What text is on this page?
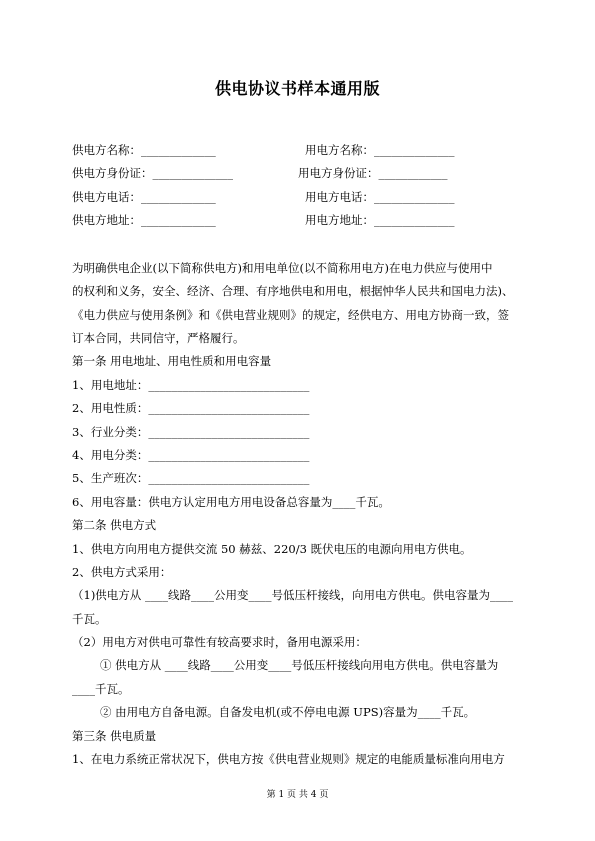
供电协议书样本通用版
供电方名称：_____________
供电方身份证：______________
供电方电话：_____________
供电方地址：_____________
用电方名称：______________
用电方身份证：____________
用电方电话：______________
用电方地址：______________
为明确供电企业(以下简称供电方)和用电单位(以不简称用电方)在电力供应与使用中
的权利和义务，安全、经济、合理、有序地供电和用电，根据忡华人民共和国电力法)、
《电力供应与使用条例》和《供电营业规则》的规定，经供电方、用电方协商一致，签
订本合同，共同信守，严格履行。
第一条 用电地址、用电性质和用电容量
1、用电地址：____________________________
2、用电性质：____________________________
3、行业分类：____________________________
4、用电分类：____________________________
5、生产班次：____________________________
6、用电容量：供电方认定用电方用电设备总容量为____千瓦。
第二条 供电方式
1、供电方向用电方提供交流 50 赫兹、220/3 既伏电压的电源向用电方供电。
2、供电方式采用：
（1)供电方从 ____线路____公用变____号低压杆接线，向用电方供电。供电容量为____
千瓦。
（2）用电方对供电可靠性有较高要求时，备用电源采用：
① 供电方从 ____线路____公用变____号低压杆接线向用电方供电。供电容量为
____千瓦。
② 由用电方自备电源。自备发电机(或不停电电源 UPS)容量为____千瓦。
第三条 供电质量
1、在电力系统正常状况下，供电方按《供电营业规则》规定的电能质量标准向用电方
第 1 页 共 4 页
